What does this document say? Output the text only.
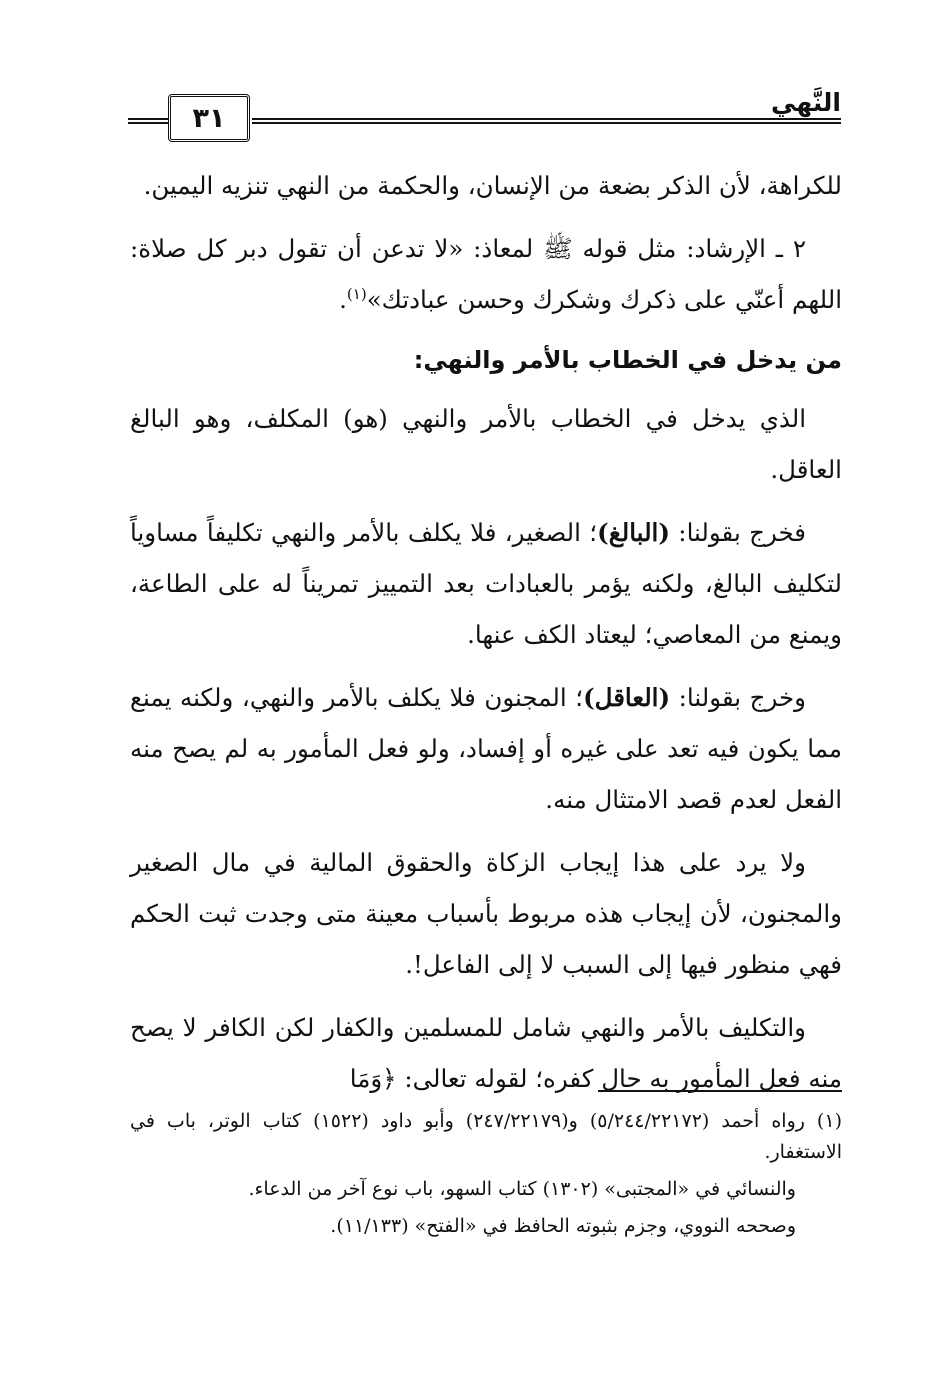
٣١	النَّهي

للكراهة، لأن الذكر بضعة من الإنسان، والحكمة من النهي تنزيه اليمين.

٢ ـ الإرشاد: مثل قوله ﷺ لمعاذ: «لا تدعن أن تقول دبر كل صلاة: اللهم أعنّي على ذكرك وشكرك وحسن عبادتك»$^{(١)}$.

من يدخل في الخطاب بالأمر والنهي:

الذي يدخل في الخطاب بالأمر والنهي (هو) المكلف، وهو البالغ العاقل.

فخرج بقولنا: (البالغ)؛ الصغير، فلا يكلف بالأمر والنهي تكليفاً مساوياً لتكليف البالغ، ولكنه يؤمر بالعبادات بعد التمييز تمريناً له على الطاعة، ويمنع من المعاصي؛ ليعتاد الكف عنها.

وخرج بقولنا: (العاقل)؛ المجنون فلا يكلف بالأمر والنهي، ولكنه يمنع مما يكون فيه تعد على غيره أو إفساد، ولو فعل المأمور به لم يصح منه الفعل لعدم قصد الامتثال منه.

ولا يرد على هذا إيجاب الزكاة والحقوق المالية في مال الصغير والمجنون، لأن إيجاب هذه مربوط بأسباب معينة متى وجدت ثبت الحكم فهي منظور فيها إلى السبب لا إلى الفاعل!.

والتكليف بالأمر والنهي شامل للمسلمين والكفار لكن الكافر لا يصح منه فعل المأمور به حال كفره؛ لقوله تعالى: ﴿وَمَا

(١) رواه أحمد (٥/٢٤٤/٢٢١٧٢) و(٢٤٧/٢٢١٧٩) وأبو داود (١٥٢٢) كتاب الوتر، باب في الاستغفار.

والنسائي في «المجتبى» (١٣٠٢) كتاب السهو، باب نوع آخر من الدعاء.

وصححه النووي، وجزم بثبوته الحافظ في «الفتح» (١١/١٣٣).
